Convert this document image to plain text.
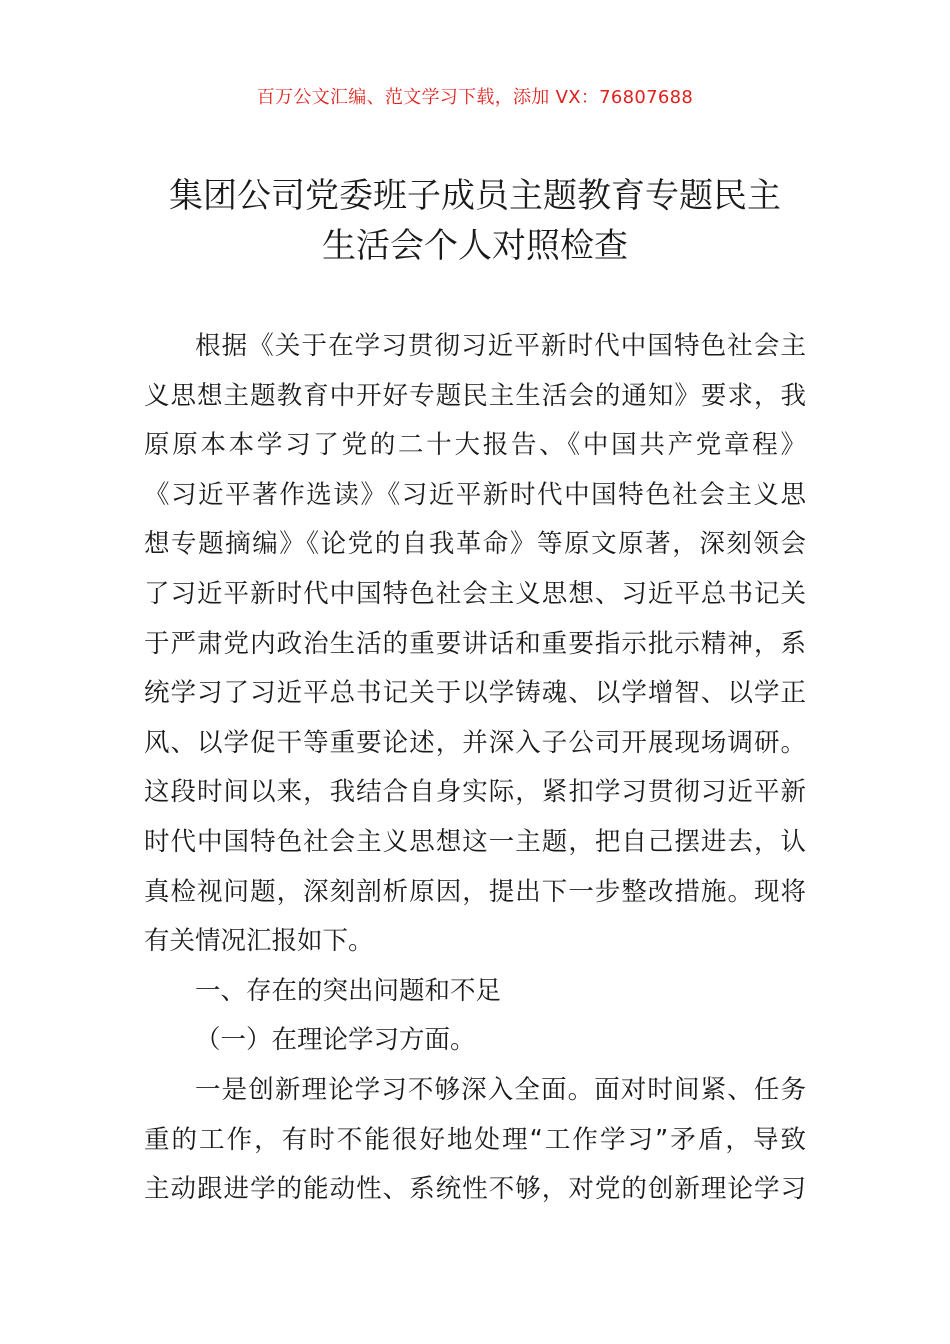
百万公文汇编、范文学习下载，添加 VX：76807688
集团公司党委班子成员主题教育专题民主
生活会个人对照检查
根据《关于在学习贯彻习近平新时代中国特色社会主
义思想主题教育中开好专题民主生活会的通知》要求，我
原原本本学习了党的二十大报告、《中国共产党章程》
《习近平著作选读》《习近平新时代中国特色社会主义思
想专题摘编》《论党的自我革命》等原文原著，深刻领会
了习近平新时代中国特色社会主义思想、习近平总书记关
于严肃党内政治生活的重要讲话和重要指示批示精神，系
统学习了习近平总书记关于以学铸魂、以学增智、以学正
风、以学促干等重要论述，并深入子公司开展现场调研。
这段时间以来，我结合自身实际，紧扣学习贯彻习近平新
时代中国特色社会主义思想这一主题，把自己摆进去，认
真检视问题，深刻剖析原因，提出下一步整改措施。现将
有关情况汇报如下。
一、存在的突出问题和不足
（一）在理论学习方面。
一是创新理论学习不够深入全面。面对时间紧、任务
重的工作，有时不能很好地处理“工作学习”矛盾，导致
主动跟进学的能动性、系统性不够，对党的创新理论学习
